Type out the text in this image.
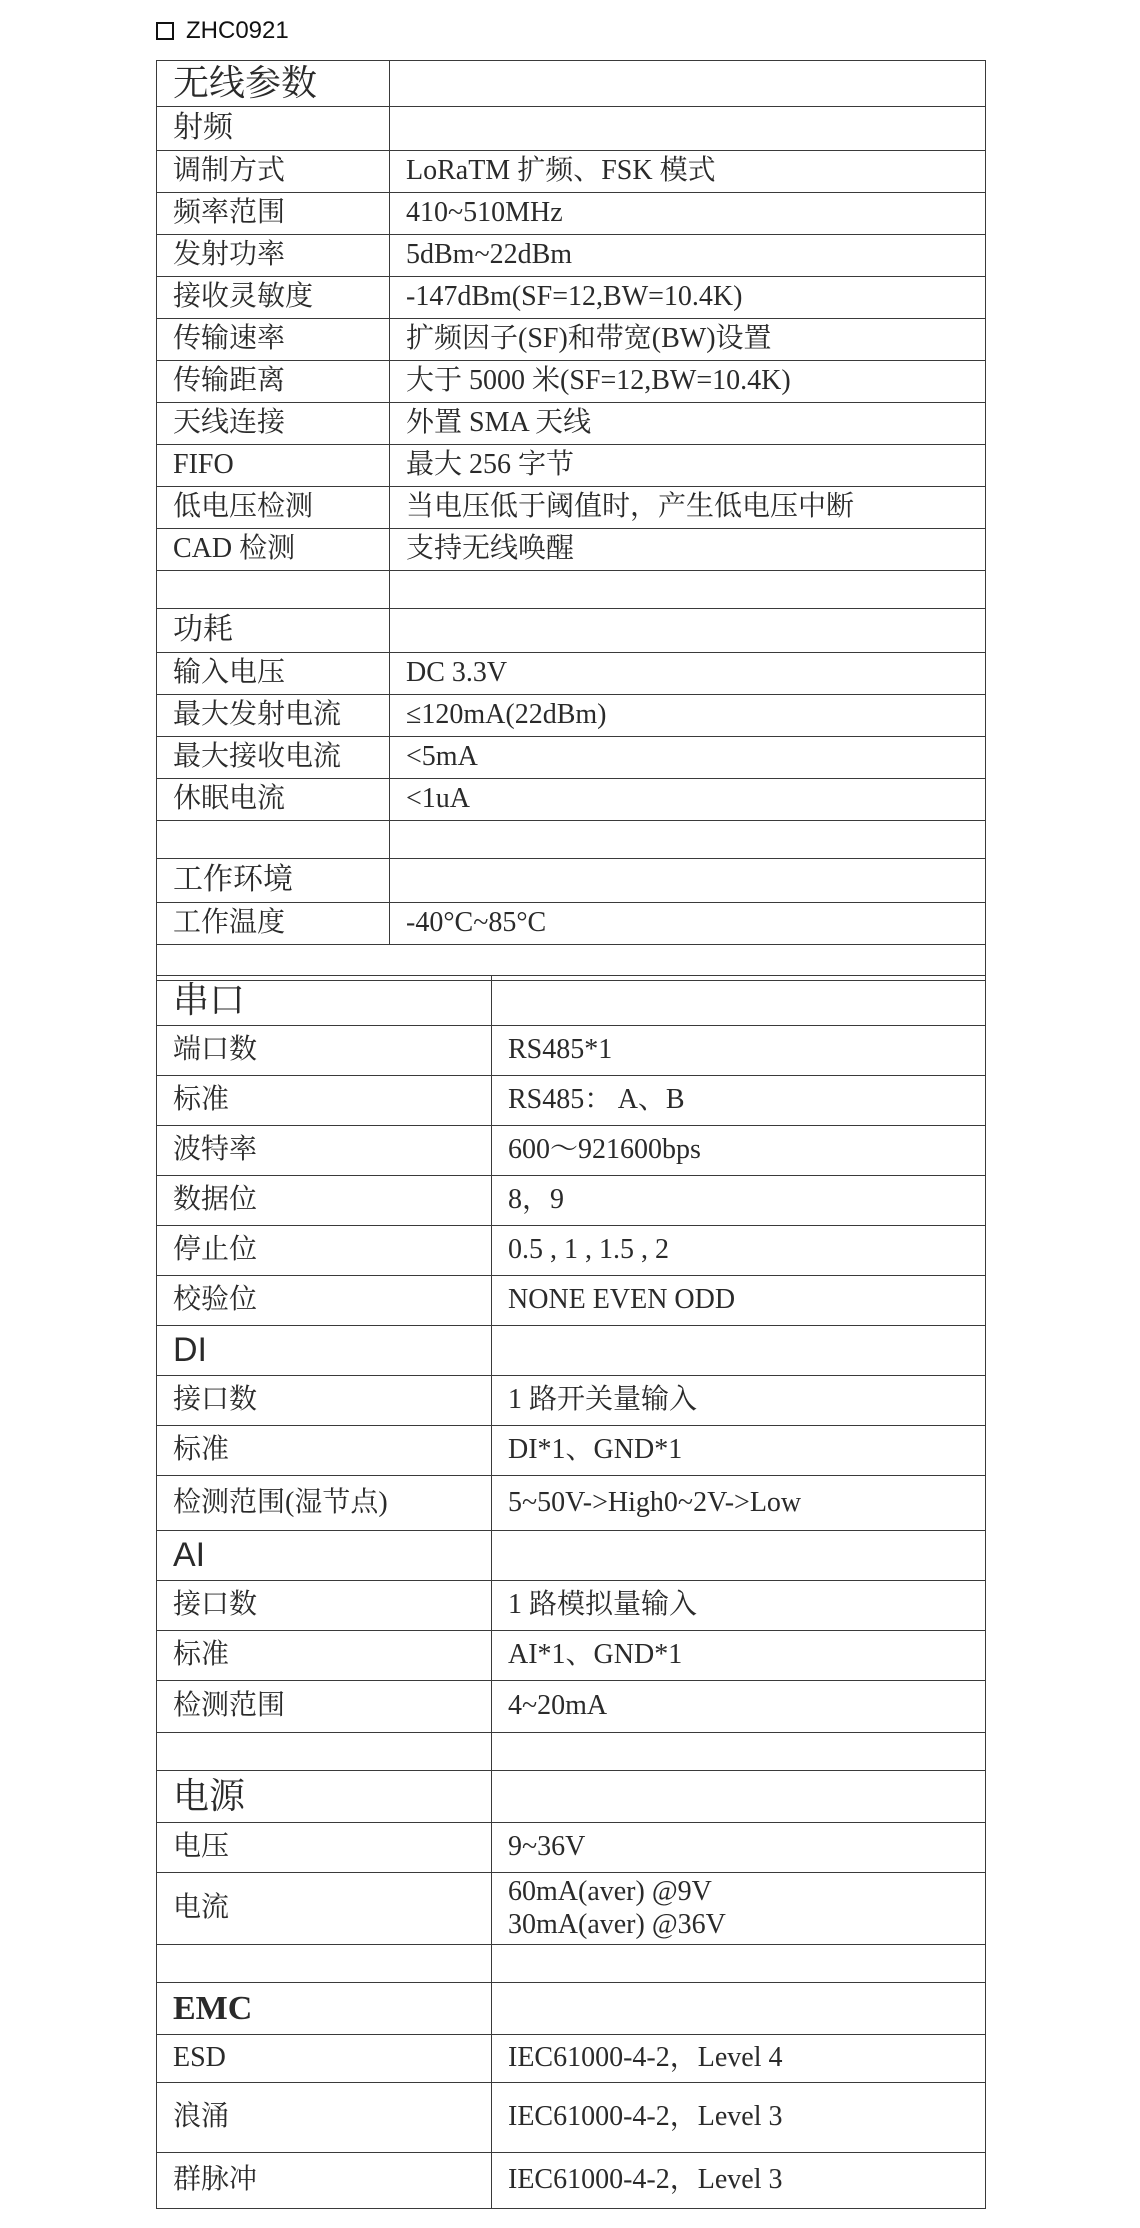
ZHC0921
无线参数	
射频	
调制方式	LoRaTM 扩频、FSK 模式
频率范围	410~510MHz
发射功率	5dBm~22dBm
接收灵敏度	-147dBm(SF=12,BW=10.4K)
传输速率	扩频因子(SF)和带宽(BW)设置
传输距离	大于 5000 米(SF=12,BW=10.4K)
天线连接	外置 SMA 天线
FIFO	最大 256 字节
低电压检测	当电压低于阈值时，产生低电压中断
CAD 检测	支持无线唤醒

功耗	
输入电压	DC 3.3V
最大发射电流	≤120mA(22dBm)
最大接收电流	<5mA
休眠电流	<1uA

工作环境	
工作温度	-40°C~85°C

串口	
端口数	RS485*1
标准	RS485： A、B
波特率	600～921600bps
数据位	8，9
停止位	0.5 , 1 , 1.5 , 2
校验位	NONE EVEN ODD
DI	
接口数	1 路开关量输入
标准	DI*1、GND*1
检测范围(湿节点)	5~50V->High0~2V->Low
AI	
接口数	1 路模拟量输入
标准	AI*1、GND*1
检测范围	4~20mA

电源	
电压	9~36V
电流	60mA(aver) @9V
30mA(aver) @36V

EMC	
ESD	IEC61000-4-2，Level 4
浪涌	IEC61000-4-2，Level 3
群脉冲	IEC61000-4-2，Level 3
